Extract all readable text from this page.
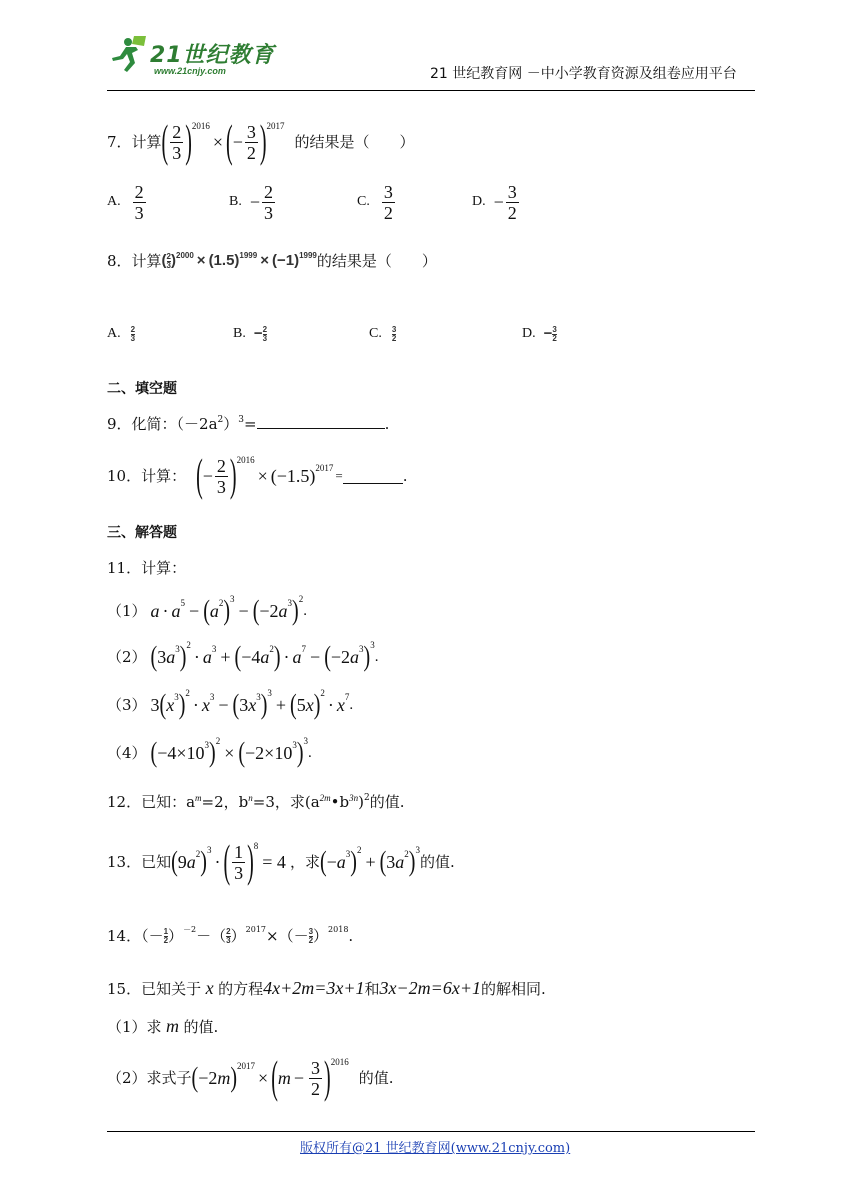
21世纪教育
www.21cnjy.com	21 世纪教育网 －中小学教育资源及组卷应用平台
7．计算 ( $\frac{2}{3}$ ) 2016
× ( − $\frac{3}{2}$ ) 2017
的结果是（　　）
A. $\frac{2}{3}$	B. − $\frac{2}{3}$	C. $\frac{3}{2}$	D. − $\frac{3}{2}$
8．计算 ( 2
3 ) 2000 × (1.5) 1999 × (−1) 1999 的结果是（　　）
A. 2
3	B. − $\frac{2}{3}$	C. 3
2	D. − $\frac{3}{2}$
二、填空题
9．化简：$(-2a^2)^3=$	.
10．计算： ( − $\frac{2}{3}$ ) 2016
× (−1.5) 2017 =	.
三、解答题
11．计算：
（1） a · a 5 − ( a 2 ) 3
− ( −2 a 3 ) 2
.
（2） ( 3 a 3 ) 2
· a 3 + ( −4 a 2 ) · a 7 − ( −2 a 3 ) 3
.
（3） 3 ( x 3 ) 2
· x 3 − ( 3 x 3 ) 3
+ ( 5 x ) 2
· x 7 .
（4） ( −4×10 3 ) 2
× ( −2×10 3 ) 3
.
12．已知：$a^m=2$，$b^n=3$，求$(a^{2m}•b^{3n})^2$的值.
13．已知 ( 9 a 2 ) 3
· ( $\frac{1}{3}$ ) 8
= 4 ，求 ( − a 3 ) 2
+ ( 3 a 2 ) 3
的值.
14．（－ 1
2 ） －2 －（ 2
3 ） 2017 ×（－ 3
2 ） 2018 .
15．已知关于 x 的方程4x+2m=3x+1和3x−2m=6x+1的解相同.
（1）求 m 的值.
（2）求式子 ( −2 m ) 2017
× ( $m - \frac{3}{2}$ ) 2016
的值.
版权所有@21 世纪教育网(www.21cnjy.com)
